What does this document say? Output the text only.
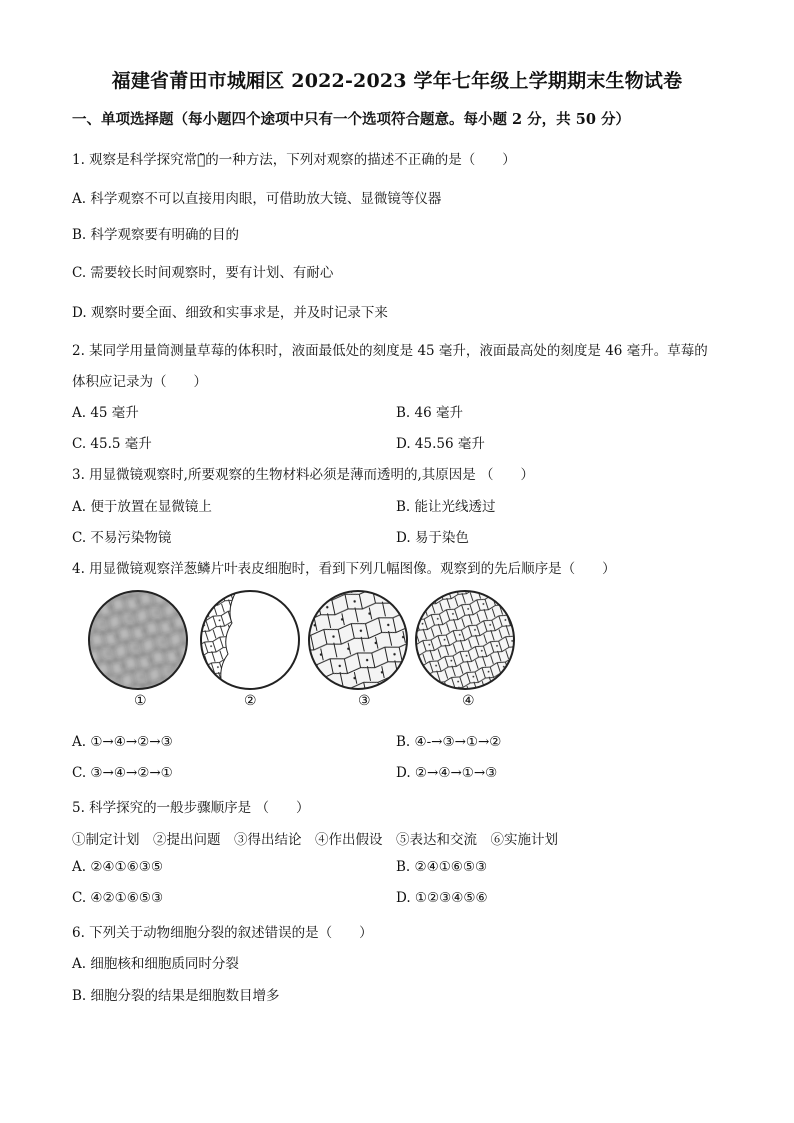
福建省莆田市城厢区 2022-2023 学年七年级上学期期末生物试卷
一、单项选择题（每小题四个途项中只有一个选项符合题意。每小题 2 分，共 50 分）
1. 观察是科学探究常用̃的一种方法，下列对观察的描述不正确的是（　　）
A. 科学观察不可以直接用肉眼，可借助放大镜、显微镜等仪器
B. 科学观察要有明确的目的
C. 需要较长时间观察时，要有计划、有耐心
D. 观察时要全面、细致和实事求是，并及时记录下来
2. 某同学用量筒测量草莓的体积时，液面最低处的刻度是 45 毫升，液面最高处的刻度是 46 毫升。草莓的
体积应记录为（　　）
A. 45 毫升	B. 46 毫升
C. 45.5 毫升	D. 45.56 毫升
3. 用显微镜观察时,所要观察的生物材料必须是薄而透明的,其原因是 （　　）
A. 便于放置在显微镜上	B. 能让光线透过
C. 不易污染物镜	D. 易于染色
4. 用显微镜观察洋葱鳞片叶表皮细胞时，看到下列几幅图像。观察到的先后顺序是（　　）
①	②	③	④
A. ①→④→②→③	B. ④-→③→①→②
C. ③→④→②→①	D. ②→④→①→③
5. 科学探究的一般步骤顺序是 （　　）
①制定计划　②提出问题　③得出结论　④作出假设　⑤表达和交流　⑥实施计划
A. ②④①⑥③⑤	B. ②④①⑥⑤③
C. ④②①⑥⑤③	D. ①②③④⑤⑥
6. 下列关于动物细胞分裂的叙述错误的是（　　）
A. 细胞核和细胞质同时分裂
B. 细胞分裂的结果是细胞数目增多
